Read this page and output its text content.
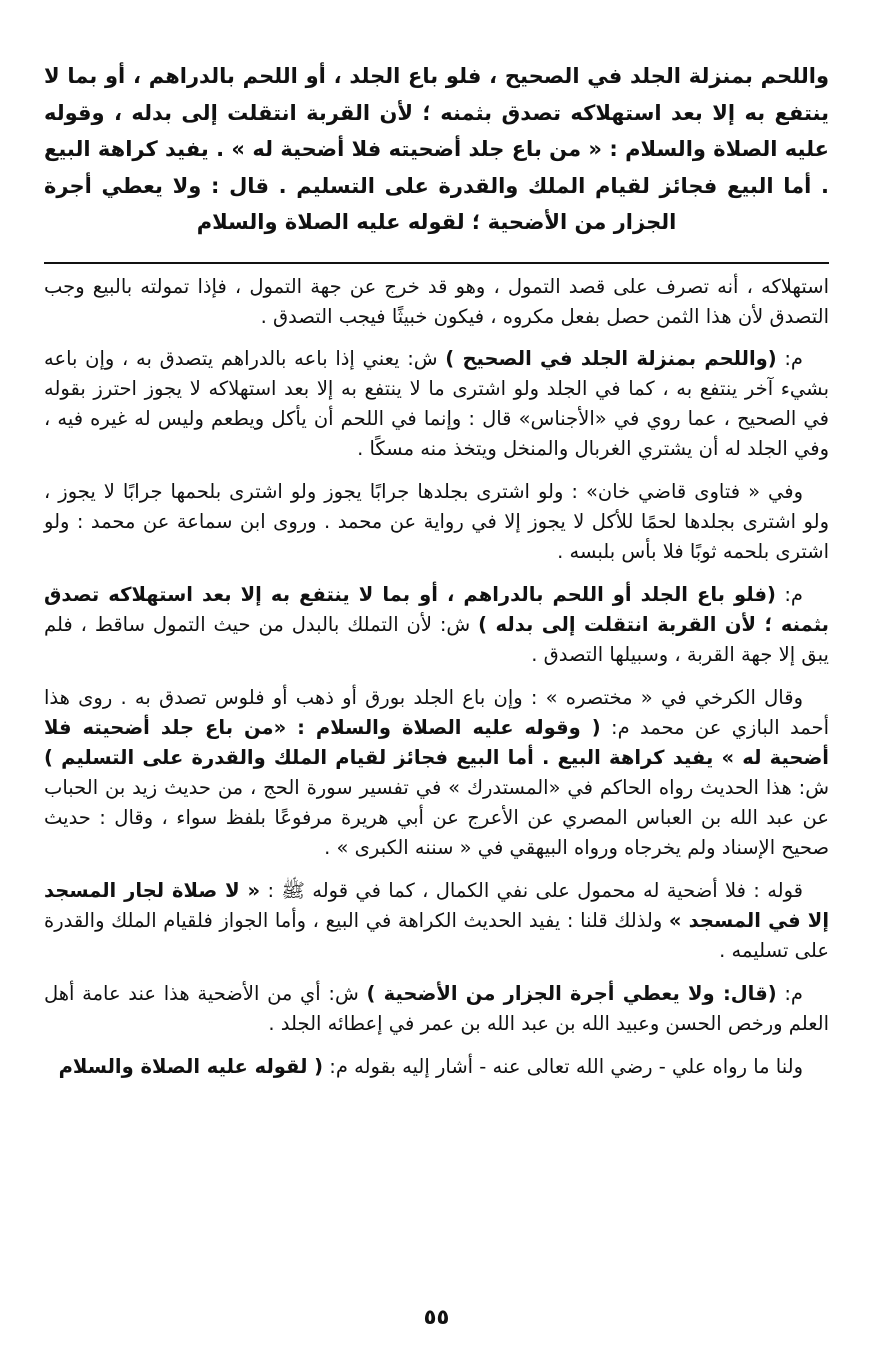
واللحم بمنزلة الجلد في الصحيح ، فلو باع الجلد ، أو اللحم بالدراهم ، أو بما لا ينتفع به إلا بعد استهلاكه تصدق بثمنه ؛ لأن القربة انتقلت إلى بدله ، وقوله عليه الصلاة والسلام : « من باع جلد أضحيته فلا أضحية له » . يفيد كراهة البيع . أما البيع فجائز لقيام الملك والقدرة على التسليم . قال : ولا يعطي أجرة الجزار من الأضحية ؛ لقوله عليه الصلاة والسلام

استهلاكه ، أنه تصرف على قصد التمول ، وهو قد خرج عن جهة التمول ، فإذا تمولته بالبيع وجب التصدق لأن هذا الثمن حصل بفعل مكروه ، فيكون خبيثًا فيجب التصدق .

م: (واللحم بمنزلة الجلد في الصحيح ) ش: يعني إذا باعه بالدراهم يتصدق به ، وإن باعه بشيء آخر ينتفع به ، كما في الجلد ولو اشترى ما لا ينتفع به إلا بعد استهلاكه لا يجوز احترز بقوله في الصحيح ، عما روي في «الأجناس» قال : وإنما في اللحم أن يأكل ويطعم وليس له غيره فيه ، وفي الجلد له أن يشتري الغربال والمنخل ويتخذ منه مسكًا .

وفي « فتاوى قاضي خان» : ولو اشترى بجلدها جرابًا يجوز ولو اشترى بلحمها جرابًا لا يجوز ، ولو اشترى بجلدها لحمًا للأكل لا يجوز إلا في رواية عن محمد . وروى ابن سماعة عن محمد : ولو اشترى بلحمه ثوبًا فلا بأس بلبسه .

م: (فلو باع الجلد أو اللحم بالدراهم ، أو بما لا ينتفع به إلا بعد استهلاكه تصدق بثمنه ؛ لأن القربة انتقلت إلى بدله ) ش: لأن التملك بالبدل من حيث التمول ساقط ، فلم يبق إلا جهة القربة ، وسبيلها التصدق .

وقال الكرخي في « مختصره » : وإن باع الجلد بورق أو ذهب أو فلوس تصدق به . روى هذا أحمد البازي عن محمد م: ( وقوله عليه الصلاة والسلام : «من باع جلد أضحيته فلا أضحية له » يفيد كراهة البيع . أما البيع فجائز لقيام الملك والقدرة على التسليم ) ش: هذا الحديث رواه الحاكم في «المستدرك » في تفسير سورة الحج ، من حديث زيد بن الحباب عن عبد الله بن العباس المصري عن الأعرج عن أبي هريرة مرفوعًا بلفظ سواء ، وقال : حديث صحيح الإسناد ولم يخرجاه ورواه البيهقي في « سننه الكبرى » .

قوله : فلا أضحية له محمول على نفي الكمال ، كما في قوله ﷺ : « لا صلاة لجار المسجد إلا في المسجد » ولذلك قلنا : يفيد الحديث الكراهة في البيع ، وأما الجواز فلقيام الملك والقدرة على تسليمه .

م: (قال: ولا يعطي أجرة الجزار من الأضحية ) ش: أي من الأضحية هذا عند عامة أهل العلم ورخص الحسن وعبيد الله بن عبد الله بن عمر في إعطائه الجلد .

ولنا ما رواه علي - رضي الله تعالى عنه - أشار إليه بقوله م: ( لقوله عليه الصلاة والسلام

٥٥
